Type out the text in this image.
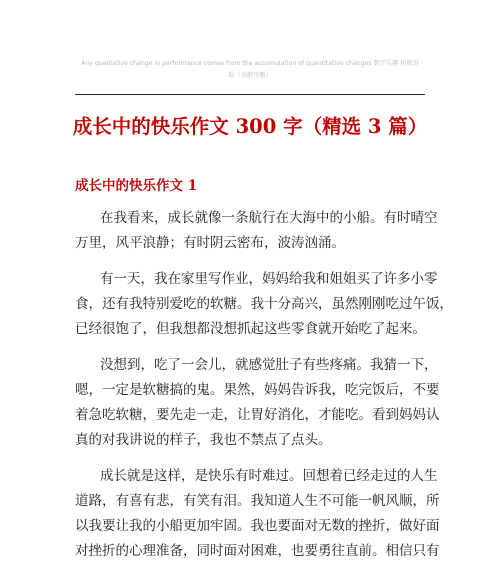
Any qualitative change in performance comes from the accumulation of quantitative changes 数学乐趣 积极进
取（贡献可删）
成长中的快乐作文 300 字（精选 3 篇）
成长中的快乐作文 1

在我看来，成长就像一条航行在大海中的小船。有时晴空
万里，风平浪静；有时阴云密布，波涛汹涌。

有一天，我在家里写作业，妈妈给我和姐姐买了许多小零
食，还有我特别爱吃的软糖。我十分高兴，虽然刚刚吃过午饭，
已经很饱了，但我想都没想抓起这些零食就开始吃了起来。

没想到，吃了一会儿，就感觉肚子有些疼痛。我猜一下，
嗯，一定是软糖搞的鬼。果然，妈妈告诉我，吃完饭后，不要
着急吃软糖，要先走一走，让胃好消化，才能吃。看到妈妈认
真的对我讲说的样子，我也不禁点了点头。

成长就是这样，是快乐有时难过。回想着已经走过的人生
道路，有喜有悲，有笑有泪。我知道人生不可能一帆风顺，所
以我要让我的小船更加牢固。我也要面对无数的挫折，做好面
对挫折的心理准备，同时面对困难，也要勇往直前。相信只有
